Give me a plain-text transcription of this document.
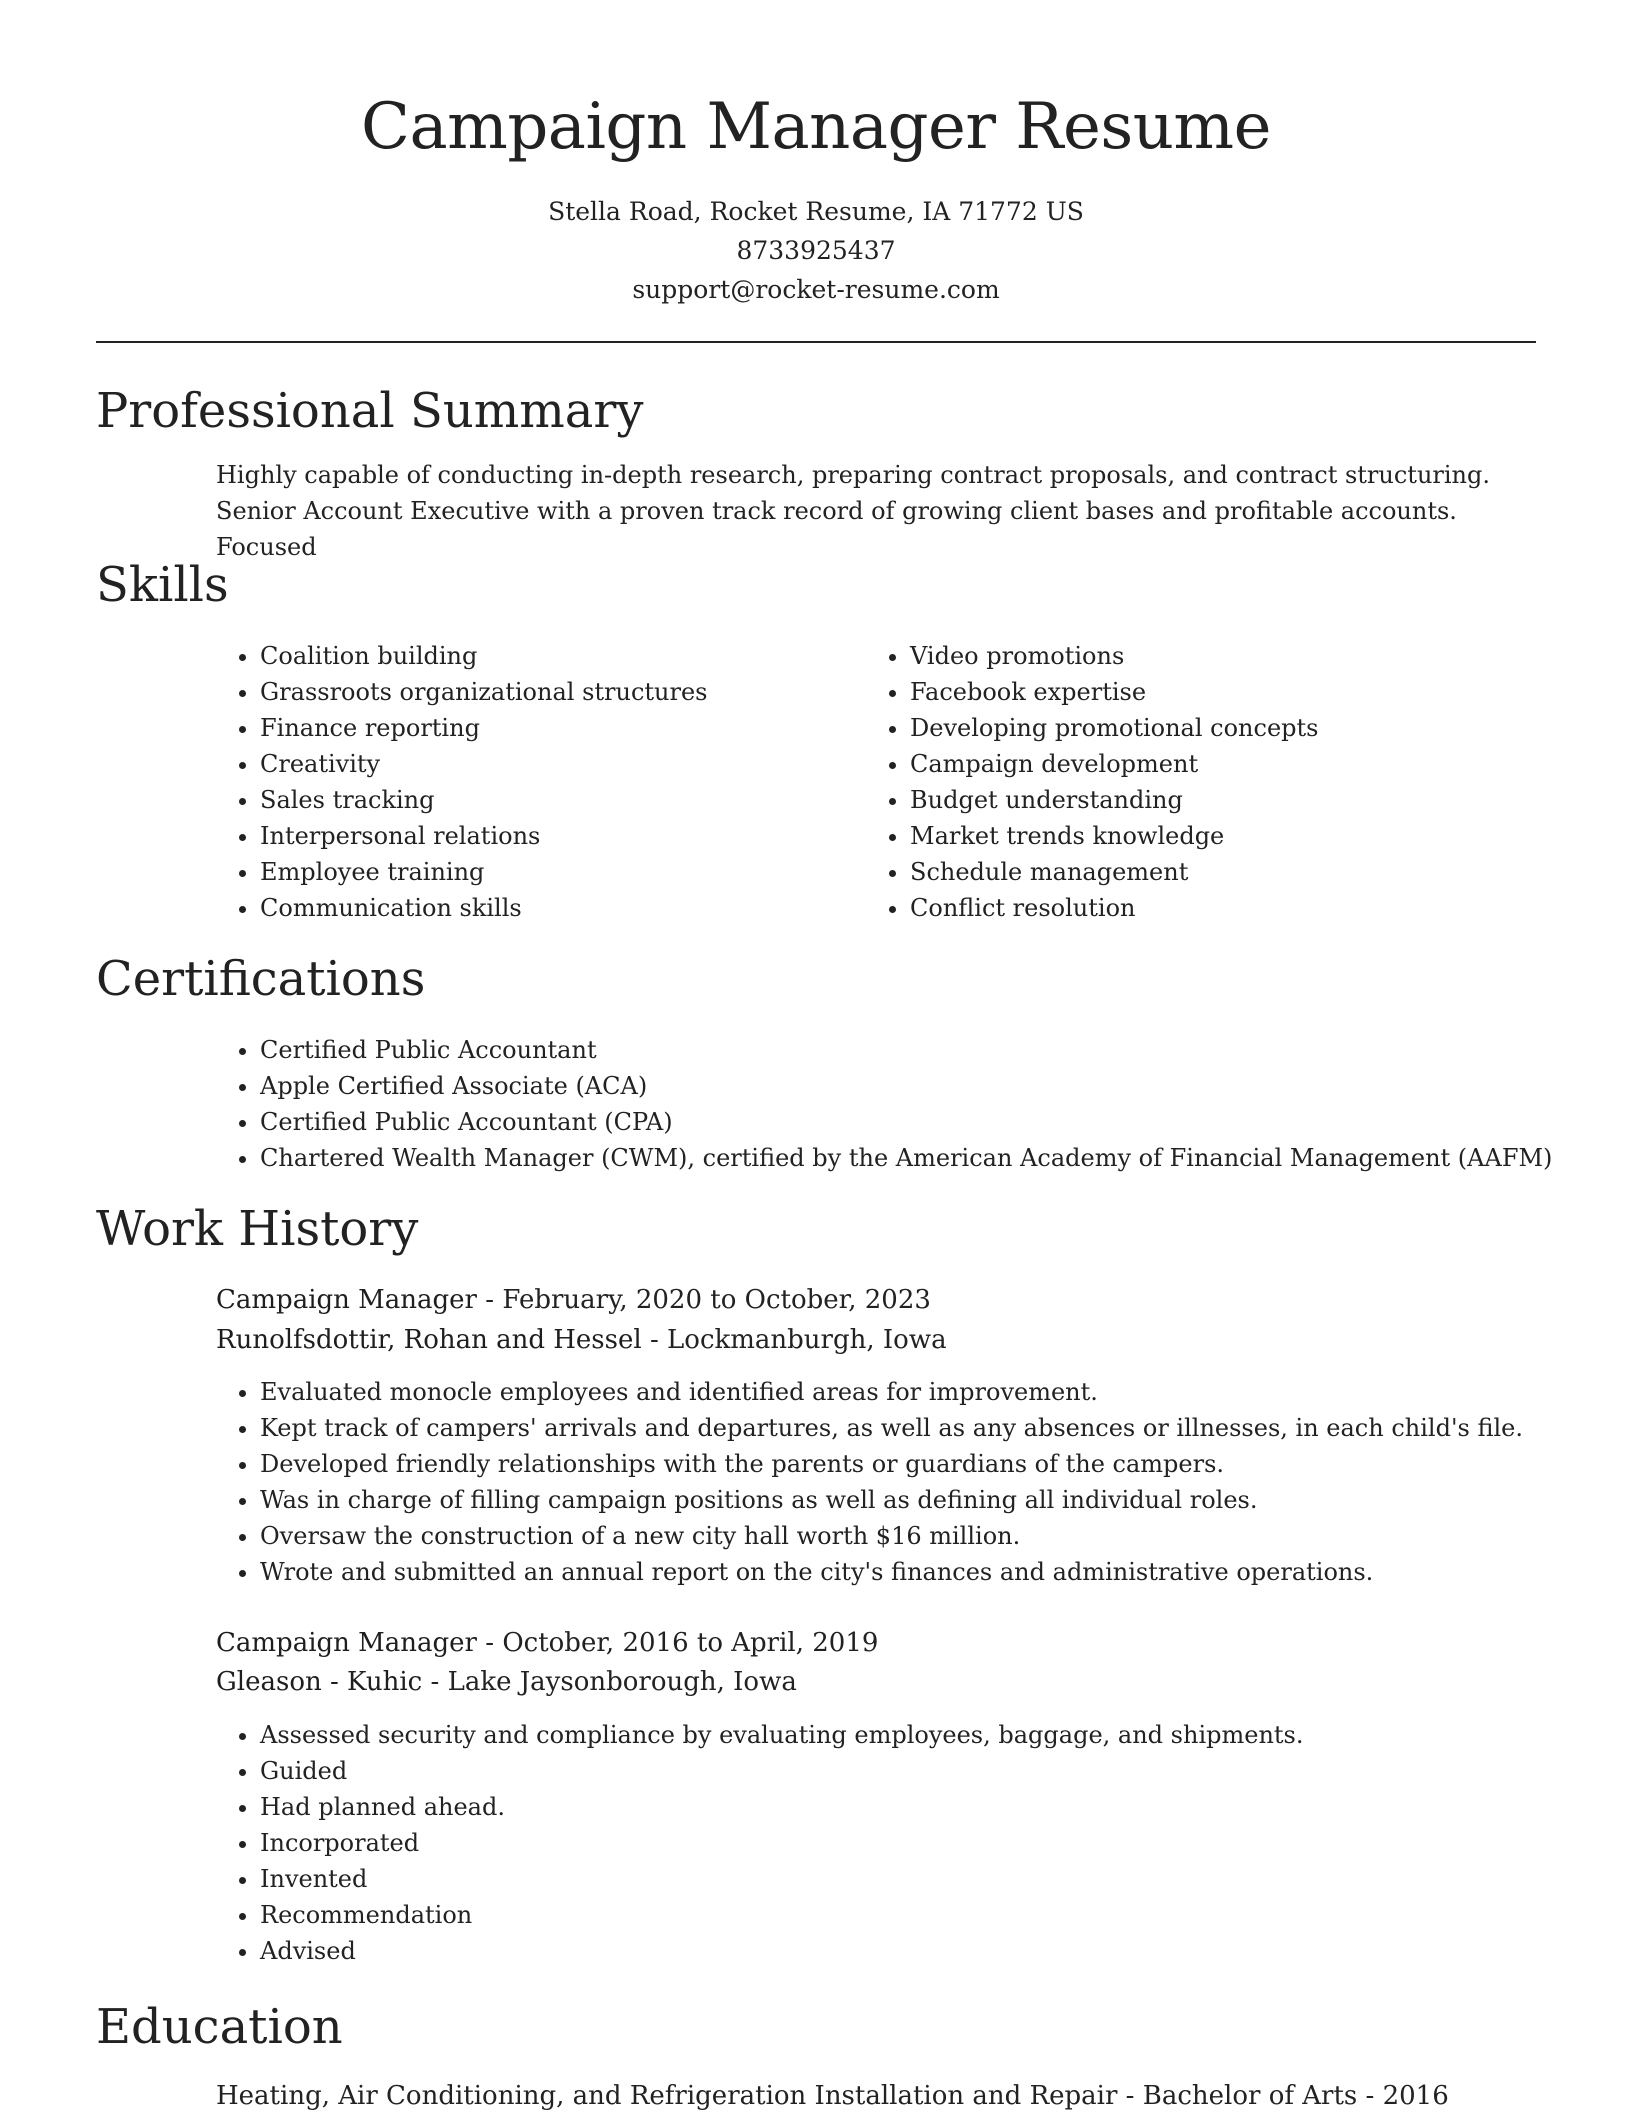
Campaign Manager Resume
Stella Road, Rocket Resume, IA 71772 US
8733925437
support@rocket-resume.com
Professional Summary

Highly capable of conducting in-depth research, preparing contract proposals, and contract structuring. Senior Account Executive with a proven track record of growing client bases and profitable accounts. Focused

Skills
• Coalition building
• Grassroots organizational structures
• Finance reporting
• Creativity
• Sales tracking
• Interpersonal relations
• Employee training
• Communication skills
• Video promotions
• Facebook expertise
• Developing promotional concepts
• Campaign development
• Budget understanding
• Market trends knowledge
• Schedule management
• Conflict resolution
Certifications
• Certified Public Accountant
• Apple Certified Associate (ACA)
• Certified Public Accountant (CPA)
• Chartered Wealth Manager (CWM), certified by the American Academy of Financial Management (AAFM)
Work History
Campaign Manager - February, 2020 to October, 2023
Runolfsdottir, Rohan and Hessel - Lockmanburgh, Iowa
• Evaluated monocle employees and identified areas for improvement.
• Kept track of campers' arrivals and departures, as well as any absences or illnesses, in each child's file.
• Developed friendly relationships with the parents or guardians of the campers.
• Was in charge of filling campaign positions as well as defining all individual roles.
• Oversaw the construction of a new city hall worth $16 million.
• Wrote and submitted an annual report on the city's finances and administrative operations.
Campaign Manager - October, 2016 to April, 2019
Gleason - Kuhic - Lake Jaysonborough, Iowa
• Assessed security and compliance by evaluating employees, baggage, and shipments.
• Guided
• Had planned ahead.
• Incorporated
• Invented
• Recommendation
• Advised
Education
Heating, Air Conditioning, and Refrigeration Installation and Repair - Bachelor of Arts - 2016
